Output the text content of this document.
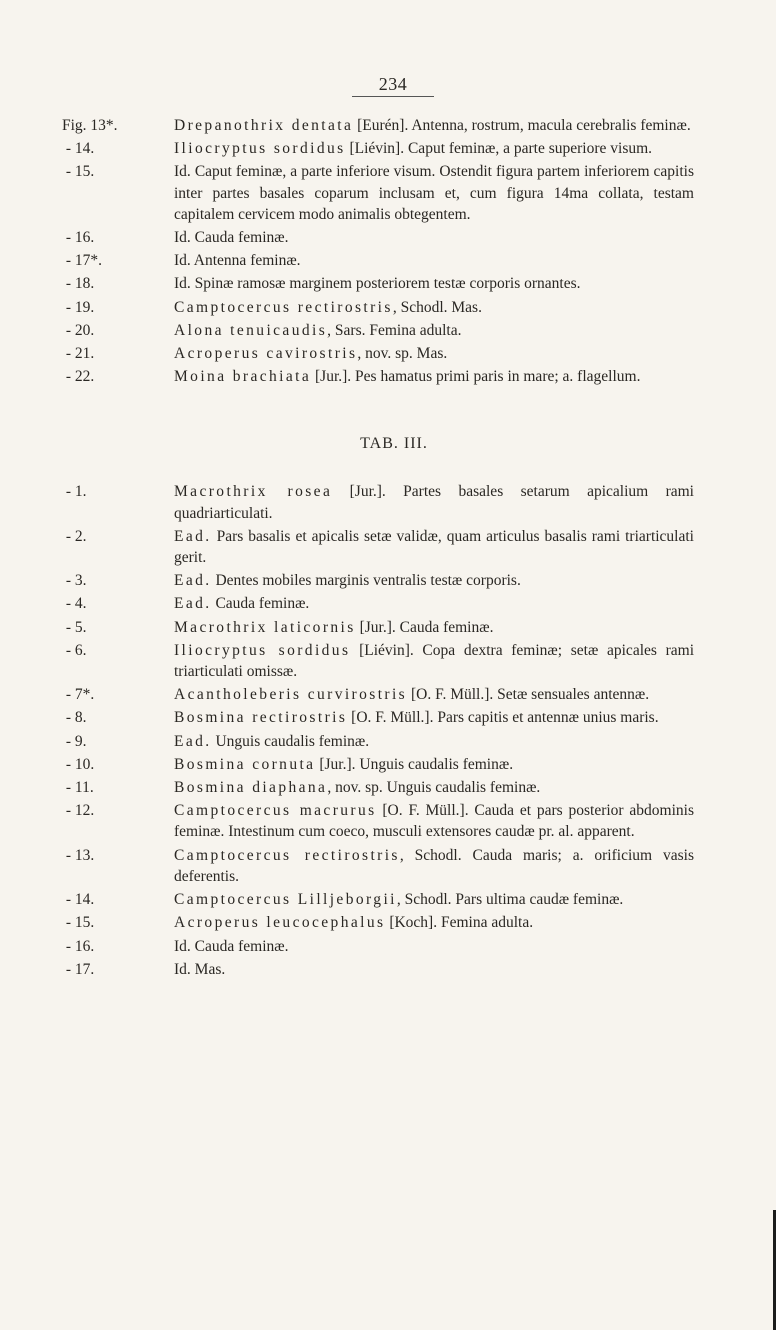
234
Fig. 13*.	Drepanothrix dentata [Eurén]. Antenna, rostrum, macula cerebralis feminæ.
- 14.	Iliocryptus sordidus [Liévin]. Caput feminæ, a parte superiore visum.
- 15.	Id. Caput feminæ, a parte inferiore visum. Ostendit figura partem inferiorem capitis inter partes basales coparum inclusam et, cum figura 14ma collata, testam capitalem cervicem modo animalis obtegentem.
- 16.	Id. Cauda feminæ.
- 17*.	Id. Antenna feminæ.
- 18.	Id. Spinæ ramosæ marginem posteriorem testæ corporis ornantes.
- 19.	Camptocercus rectirostris, Schodl. Mas.
- 20.	Alona tenuicaudis, Sars. Femina adulta.
- 21.	Acroperus cavirostris, nov. sp. Mas.
- 22.	Moina brachiata [Jur.]. Pes hamatus primi paris in mare; a. flagellum.
TAB. III.
- 1.	Macrothrix rosea [Jur.]. Partes basales setarum apicalium rami quadriarticulati.
- 2.	Ead. Pars basalis et apicalis setæ validæ, quam articulus basalis rami triarticulati gerit.
- 3.	Ead. Dentes mobiles marginis ventralis testæ corporis.
- 4.	Ead. Cauda feminæ.
- 5.	Macrothrix laticornis [Jur.]. Cauda feminæ.
- 6.	Iliocryptus sordidus [Liévin]. Copa dextra feminæ; setæ apicales rami triarticulati omissæ.
- 7*.	Acantholeberis curvirostris [O. F. Müll.]. Setæ sensuales antennæ.
- 8.	Bosmina rectirostris [O. F. Müll.]. Pars capitis et antennæ unius maris.
- 9.	Ead. Unguis caudalis feminæ.
- 10.	Bosmina cornuta [Jur.]. Unguis caudalis feminæ.
- 11.	Bosmina diaphana, nov. sp. Unguis caudalis feminæ.
- 12.	Camptocercus macrurus [O. F. Müll.]. Cauda et pars posterior abdominis feminæ. Intestinum cum coeco, musculi extensores caudæ pr. al. apparent.
- 13.	Camptocercus rectirostris, Schodl. Cauda maris; a. orificium vasis deferentis.
- 14.	Camptocercus Lilljeborgii, Schodl. Pars ultima caudæ feminæ.
- 15.	Acroperus leucocephalus [Koch]. Femina adulta.
- 16.	Id. Cauda feminæ.
- 17.	Id. Mas.
